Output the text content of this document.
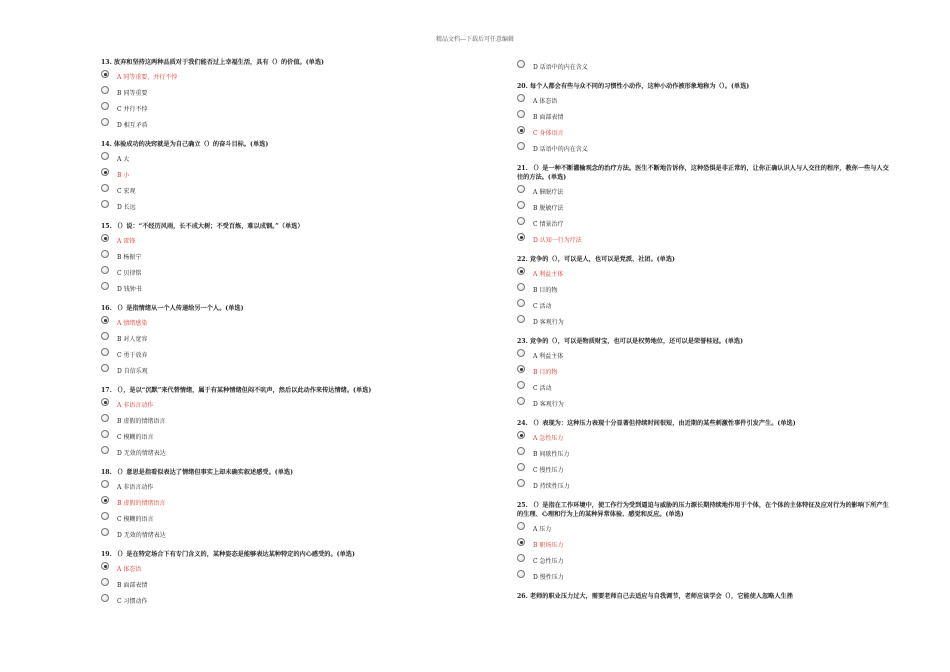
精品文档---下载后可任意编辑
13. 放弃和坚持这两种品质对于我们能否过上幸福生活，具有（）的价值。(单选)
A 同等重要、并行不悖
B 同等重要
C 并行不悖
D 相互矛盾
14. 体验成功的决窍就是为自己确立（）的奋斗目标。(单选)
A 大
B 小
C 宏观
D 长远
15. （）说：“不经历风雨，长不成大树；不受百炼，难以成钢。”（单选）
A 雷锋
B 杨振宁
C 贝律铭
D 钱钟书
16. （）是指情绪从一个人传递给另一个人。(单选)
A 情绪感染
B 对人宽容
C 勇于放弃
D 自信乐观
17. （），是以“沉默”来代替情绪，属于有某种情绪但闷不吭声，然后以此动作来传达情绪。(单选)
A 非语言动作
B 虚假的情绪语言
C 模糊的语言
D 无效的情绪表达
18. （）意思是指看似表达了情绪但事实上却未确实叙述感受。(单选)
A 非语言动作
B 虚假的情绪语言
C 模糊的语言
D 无效的情绪表达
19. （）是在特定场合下有专门含义的，某种姿态是能够表达某种特定的内心感受的。(单选)
A 体态语
B 面部表情
C 习惯动作
D 话语中的内在含义
20. 每个人都会有些与众不同的习惯性小动作，这种小动作被形象地称为（）。(单选)
A 体态语
B 面部表情
C 身体语言
D 话语中的内在含义
21. （）是一种不断灌输观念的治疗方法。医生不断地告诉你，这种恐惧是非正常的，让你正确认识人与人交往的程序，教你一些与人交往的方法。(单选)
A 催眠疗法
B 脱敏疗法
C 情景治疗
D 认知一行为疗法
22. 竞争的（），可以是人，也可以是党派、社团。(单选)
A 利益主体
B 目的物
C 活动
D 客观行为
23. 竞争的（），可以是物质财宝，也可以是权势地位，还可以是荣誉桂冠。(单选)
A 利益主体
B 目的物
C 活动
D 客观行为
24. （）表现为：这种压力表现十分显著但持续时间很短，由近期的某些刺激性事件引发产生。(单选)
A 急性压力
B 间歇性压力
C 慢性压力
D 持续性压力
25. （）是指在工作环境中，使工作行为受到逼迫与威胁的压力源长期持续地作用于个体，在个体的主体特征及应对行为的影响下所产生的生理、心理和行为上的某种异常体验、感觉和反应。(单选)
A 压力
B 职场压力
C 急性压力
D 慢性压力
26. 老师的职业压力过大，需要老师自己去适应与自我调节，老师应该学会（），它能使人忽略人生挫
